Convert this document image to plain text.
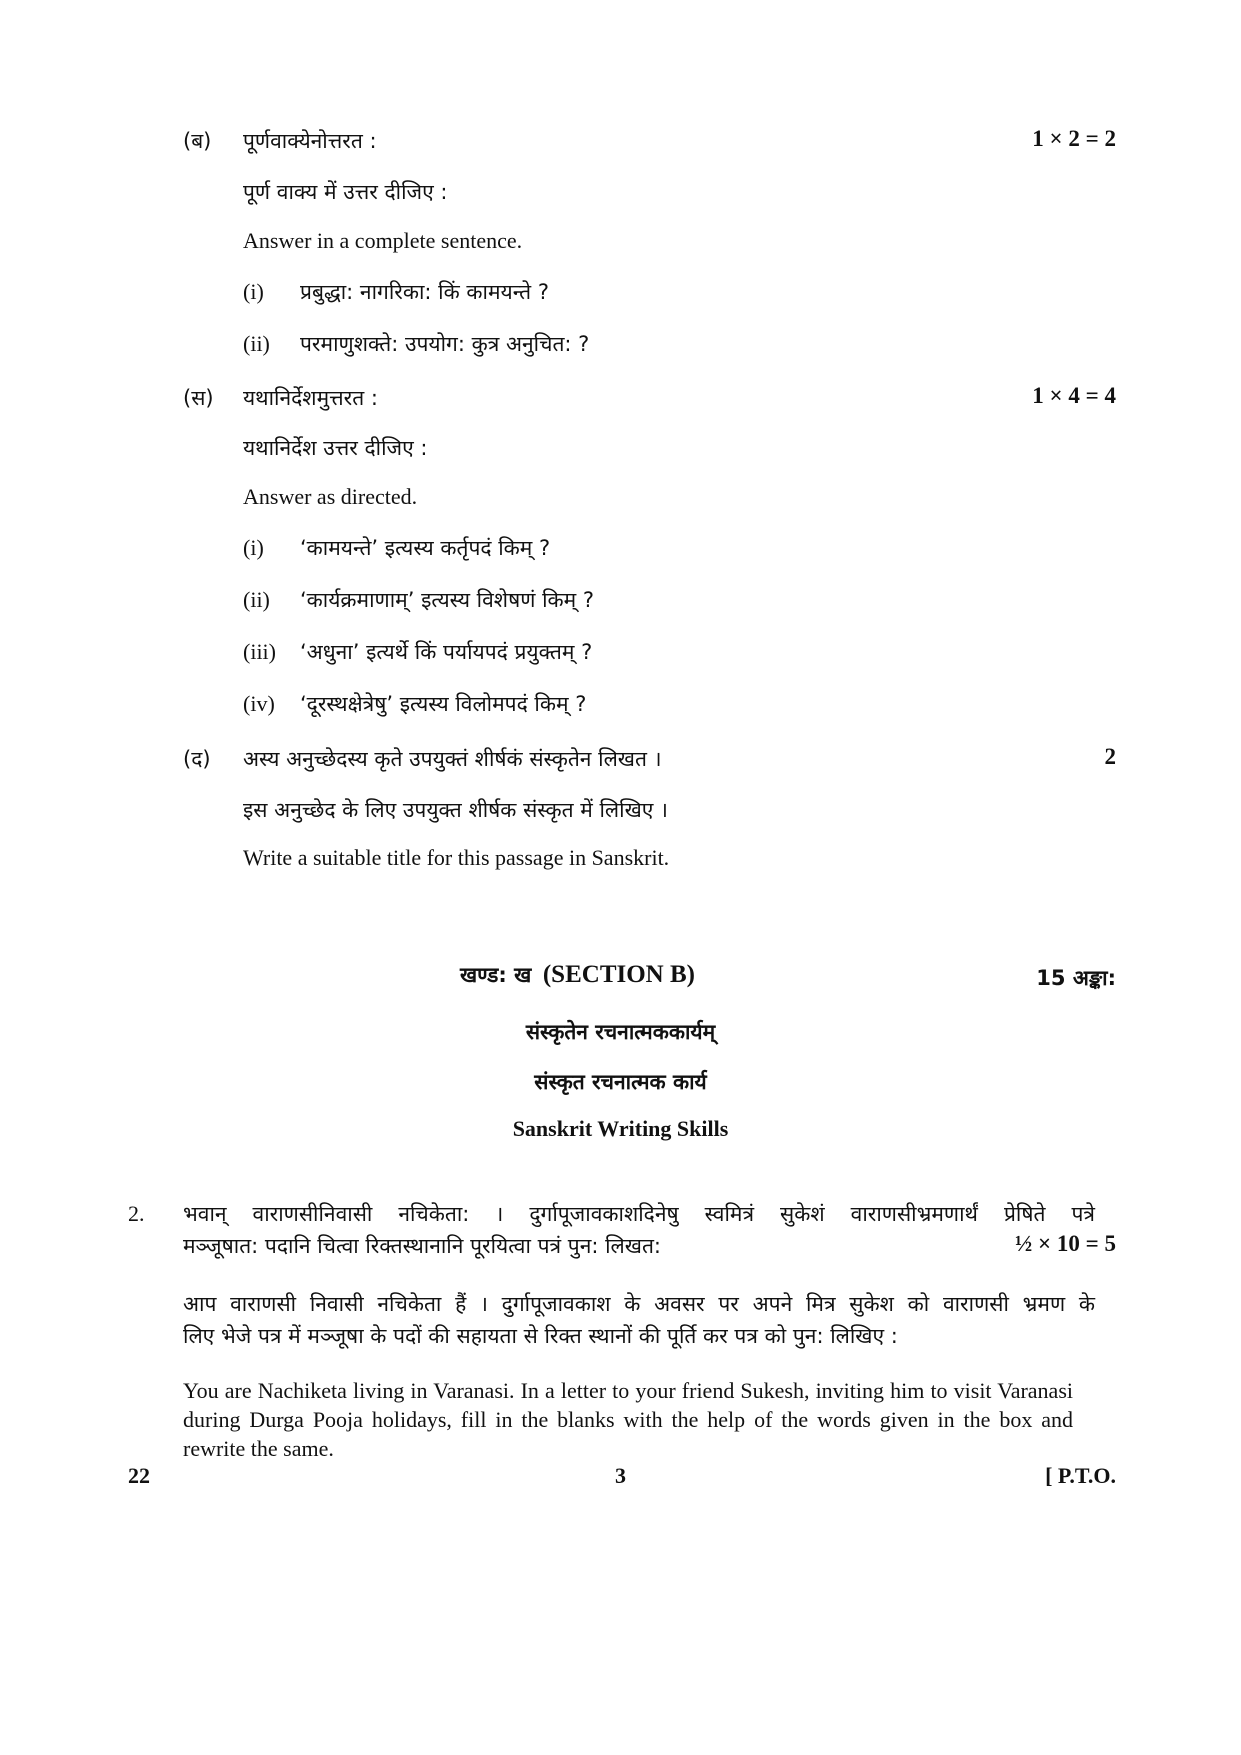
(ब) पूर्णवाक्येनोत्तरत :	1 × 2 = 2
पूर्ण वाक्य में उत्तर दीजिए :
Answer in a complete sentence.
(i) प्रबुद्धा: नागरिका: किं कामयन्ते ?
(ii) परमाणुशक्ते: उपयोग: कुत्र अनुचित: ?
(स) यथानिर्देशमुत्तरत :	1 × 4 = 4
यथानिर्देश उत्तर दीजिए :
Answer as directed.
(i) ‘कामयन्ते’ इत्यस्य कर्तृपदं किम् ?
(ii) ‘कार्यक्रमाणाम्’ इत्यस्य विशेषणं किम् ?
(iii) ‘अधुना’ इत्यर्थे किं पर्यायपदं प्रयुक्तम् ?
(iv) ‘दूरस्थक्षेत्रेषु’ इत्यस्य विलोमपदं किम् ?
(द) अस्य अनुच्छेदस्य कृते उपयुक्तं शीर्षकं संस्कृतेन लिखत ।	2
इस अनुच्छेद के लिए उपयुक्त शीर्षक संस्कृत में लिखिए ।
Write a suitable title for this passage in Sanskrit.
खण्ड: ख (SECTION B)	15 अङ्का:
संस्कृतेन रचनात्मककार्यम्
संस्कृत रचनात्मक कार्य
Sanskrit Writing Skills
2. भवान् वाराणसीनिवासी नचिकेता: । दुर्गापूजावकाशदिनेषु स्वमित्रं सुकेशं वाराणसीभ्रमणार्थं प्रेषिते पत्रे
मञ्जूषात: पदानि चित्वा रिक्तस्थानानि पूरयित्वा पत्रं पुन: लिखत:	½ × 10 = 5
आप वाराणसी निवासी नचिकेता हैं । दुर्गापूजावकाश के अवसर पर अपने मित्र सुकेश को वाराणसी भ्रमण के
लिए भेजे पत्र में मञ्जूषा के पदों की सहायता से रिक्त स्थानों की पूर्ति कर पत्र को पुन: लिखिए :
You are Nachiketa living in Varanasi. In a letter to your friend Sukesh, inviting him to visit Varanasi during Durga Pooja holidays, fill in the blanks with the help of the words given in the box and rewrite the same.
22	3	[ P.T.O.
